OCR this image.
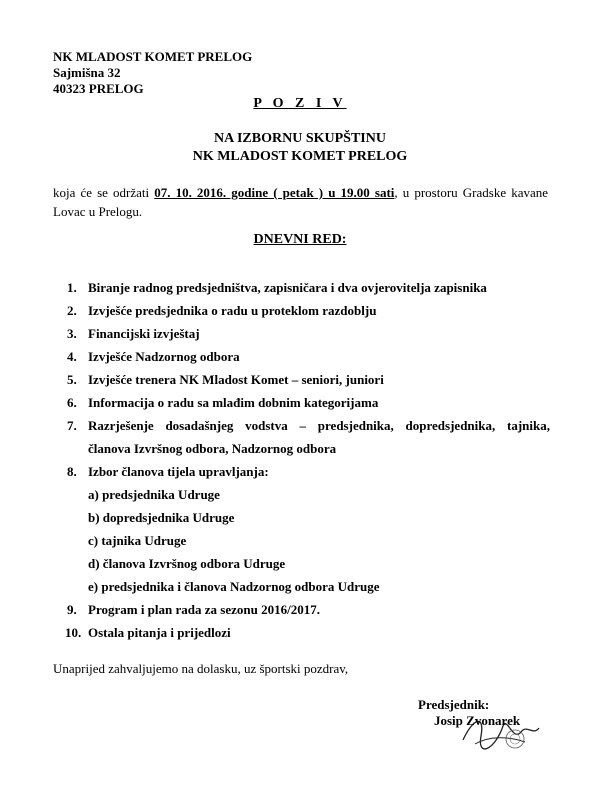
NK MLADOST KOMET PRELOG
Sajmišna 32
40323 PRELOG
P O Z I V
NA IZBORNU SKUPŠTINU
NK MLADOST KOMET PRELOG
koja će se održati 07. 10. 2016. godine ( petak ) u 19.00 sati, u prostoru Gradske kavane Lovac u Prelogu.
DNEVNI RED:
1. Biranje radnog predsjedništva, zapisničara i dva ovjerovitelja zapisnika
2. Izvješće predsjednika o radu u proteklom razdoblju
3. Financijski izvještaj
4. Izvješće Nadzornog odbora
5. Izvješće trenera NK Mladost Komet – seniori, juniori
6. Informacija o radu sa mlađim dobnim kategorijama
7. Razrješenje dosadašnjeg vodstva – predsjednika, dopredsjednika, tajnika,
članova Izvršnog odbora, Nadzornog odbora
8. Izbor članova tijela upravljanja:
a) predsjednika Udruge
b) dopredsjednika Udruge
c) tajnika Udruge
d) članova Izvršnog odbora Udruge
e) predsjednika i članova Nadzornog odbora Udruge
9. Program i plan rada za sezonu 2016/2017.
10. Ostala pitanja i prijedlozi
Unaprijed zahvaljujemo na dolasku, uz športski pozdrav,
Predsjednik:
Josip Zvonarek
